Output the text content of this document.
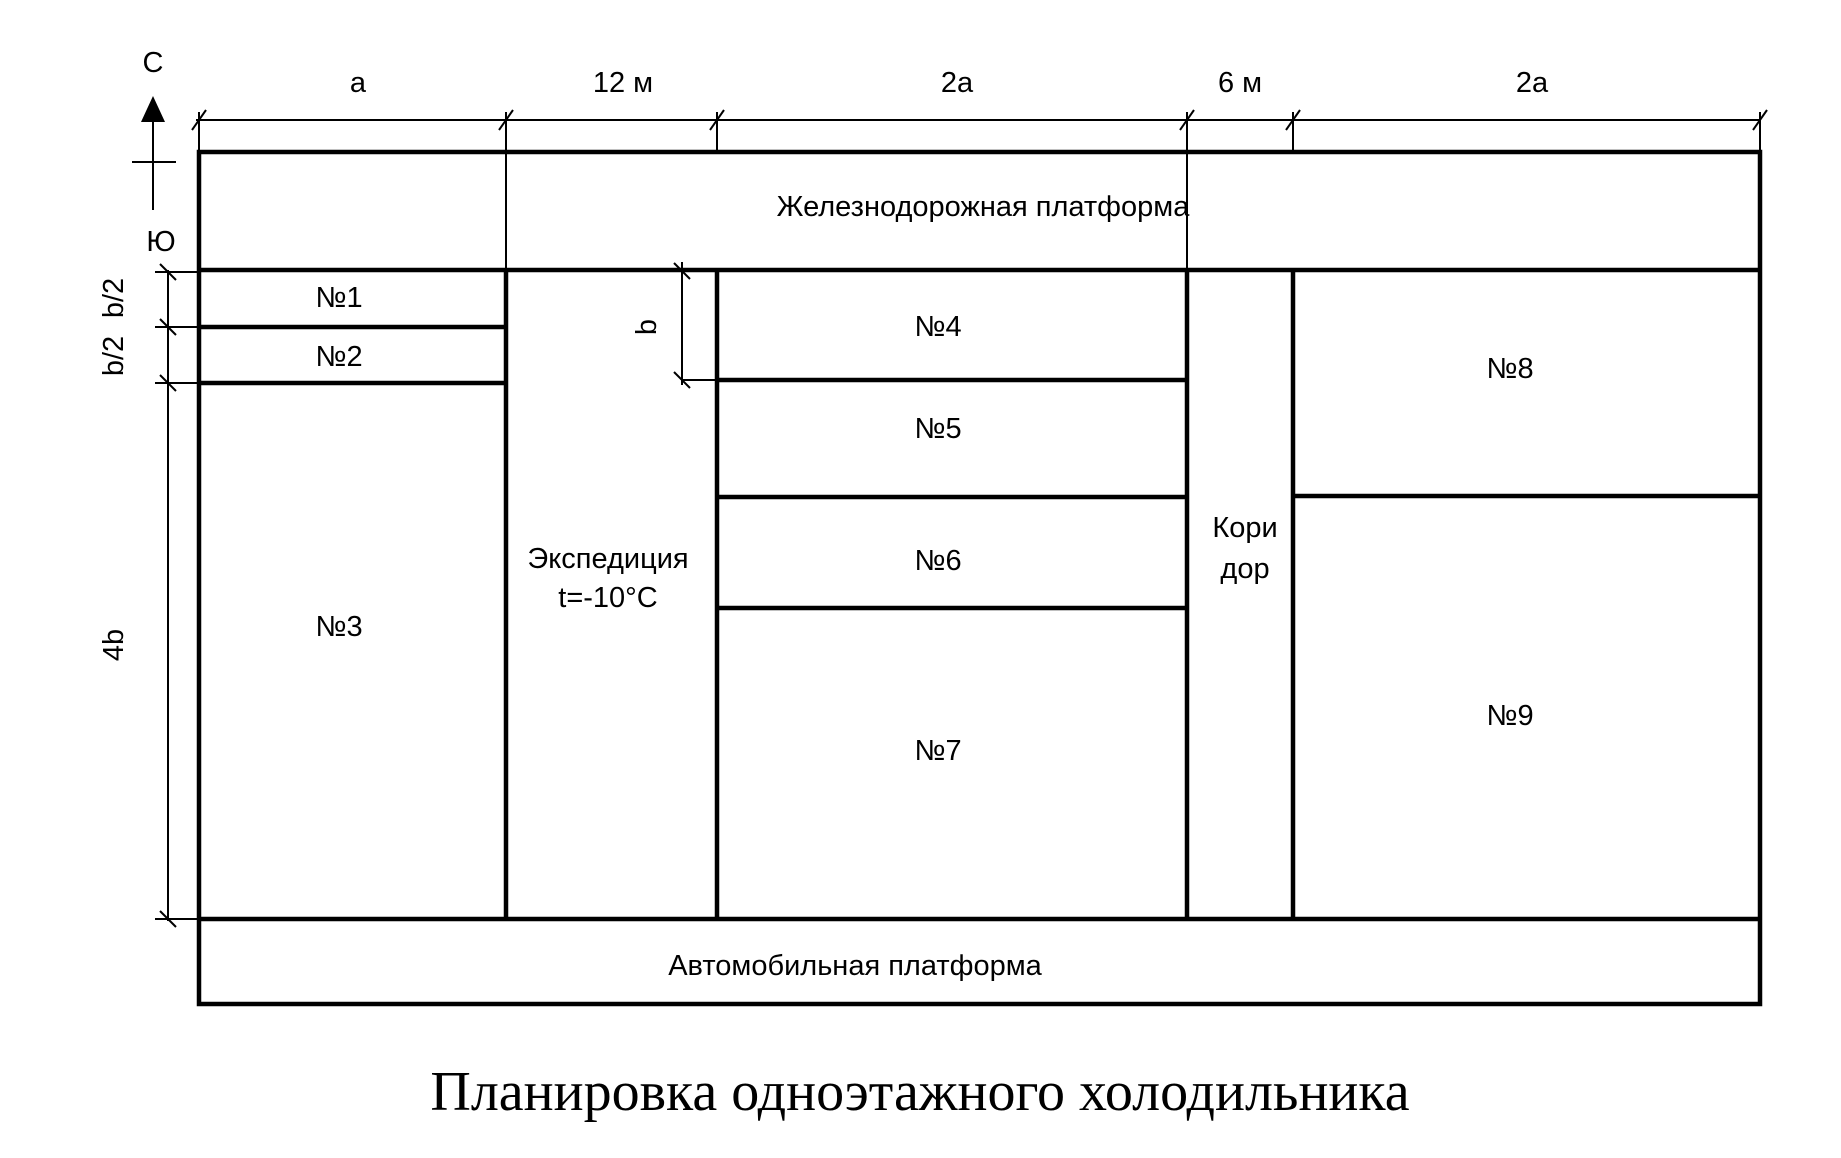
С
Ю
a	12 м	2a	6 м	2a
b/2
b/2
4b
b
Железнодорожная платформа
Автомобильная платформа
№1
№2
№3
№4
№5
№6
№7
№8
№9
Экспедиция
t=-10°C
Кори
дор
Планировка одноэтажного холодильника
